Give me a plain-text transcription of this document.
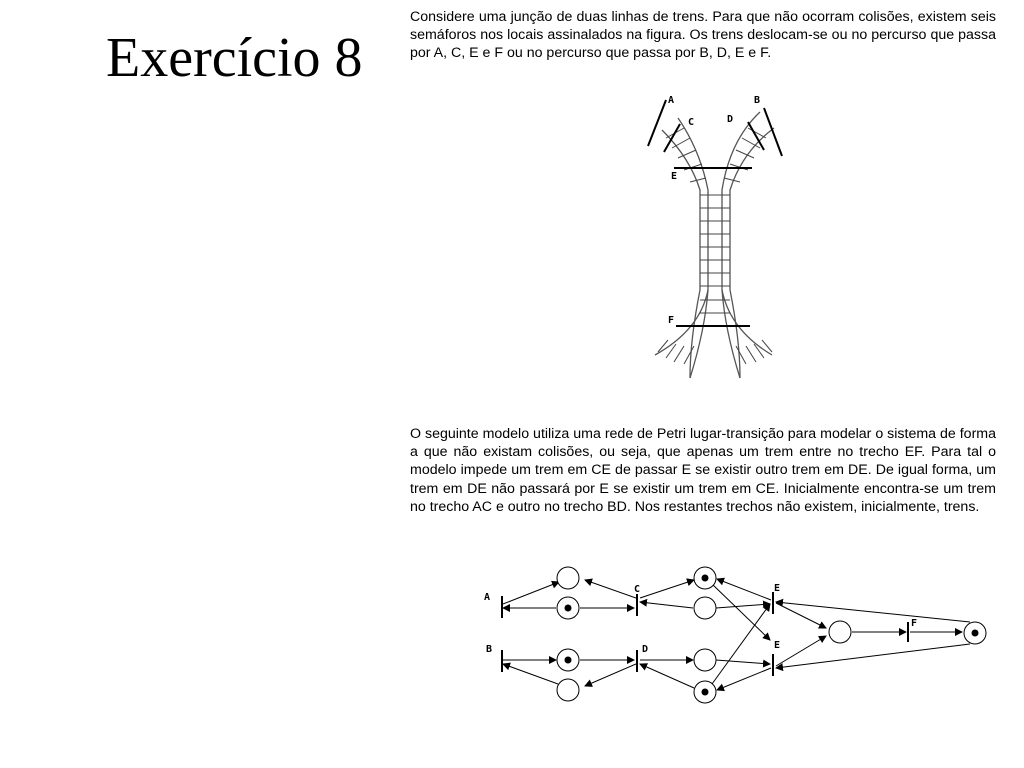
Exercício 8

Considere uma junção de duas linhas de trens. Para que não ocorram colisões, existem seis semáforos nos locais assinalados na figura. Os trens deslocam-se ou no percurso que passa por A, C, E e F ou no percurso que passa por B, D, E e F.

A	B
C	D
E
F

O seguinte modelo utiliza uma rede de Petri lugar-transição para modelar o sistema de forma a que não existam colisões, ou seja, que apenas um trem entre no trecho EF. Para tal o modelo impede um trem em CE de passar E se existir outro trem em DE. De igual forma, um trem em DE não passará por E se existir um trem em CE. Inicialmente encontra-se um trem no trecho AC e outro no trecho BD. Nos restantes trechos não existem, inicialmente, trens.

A
C	E
E
B	D
F
